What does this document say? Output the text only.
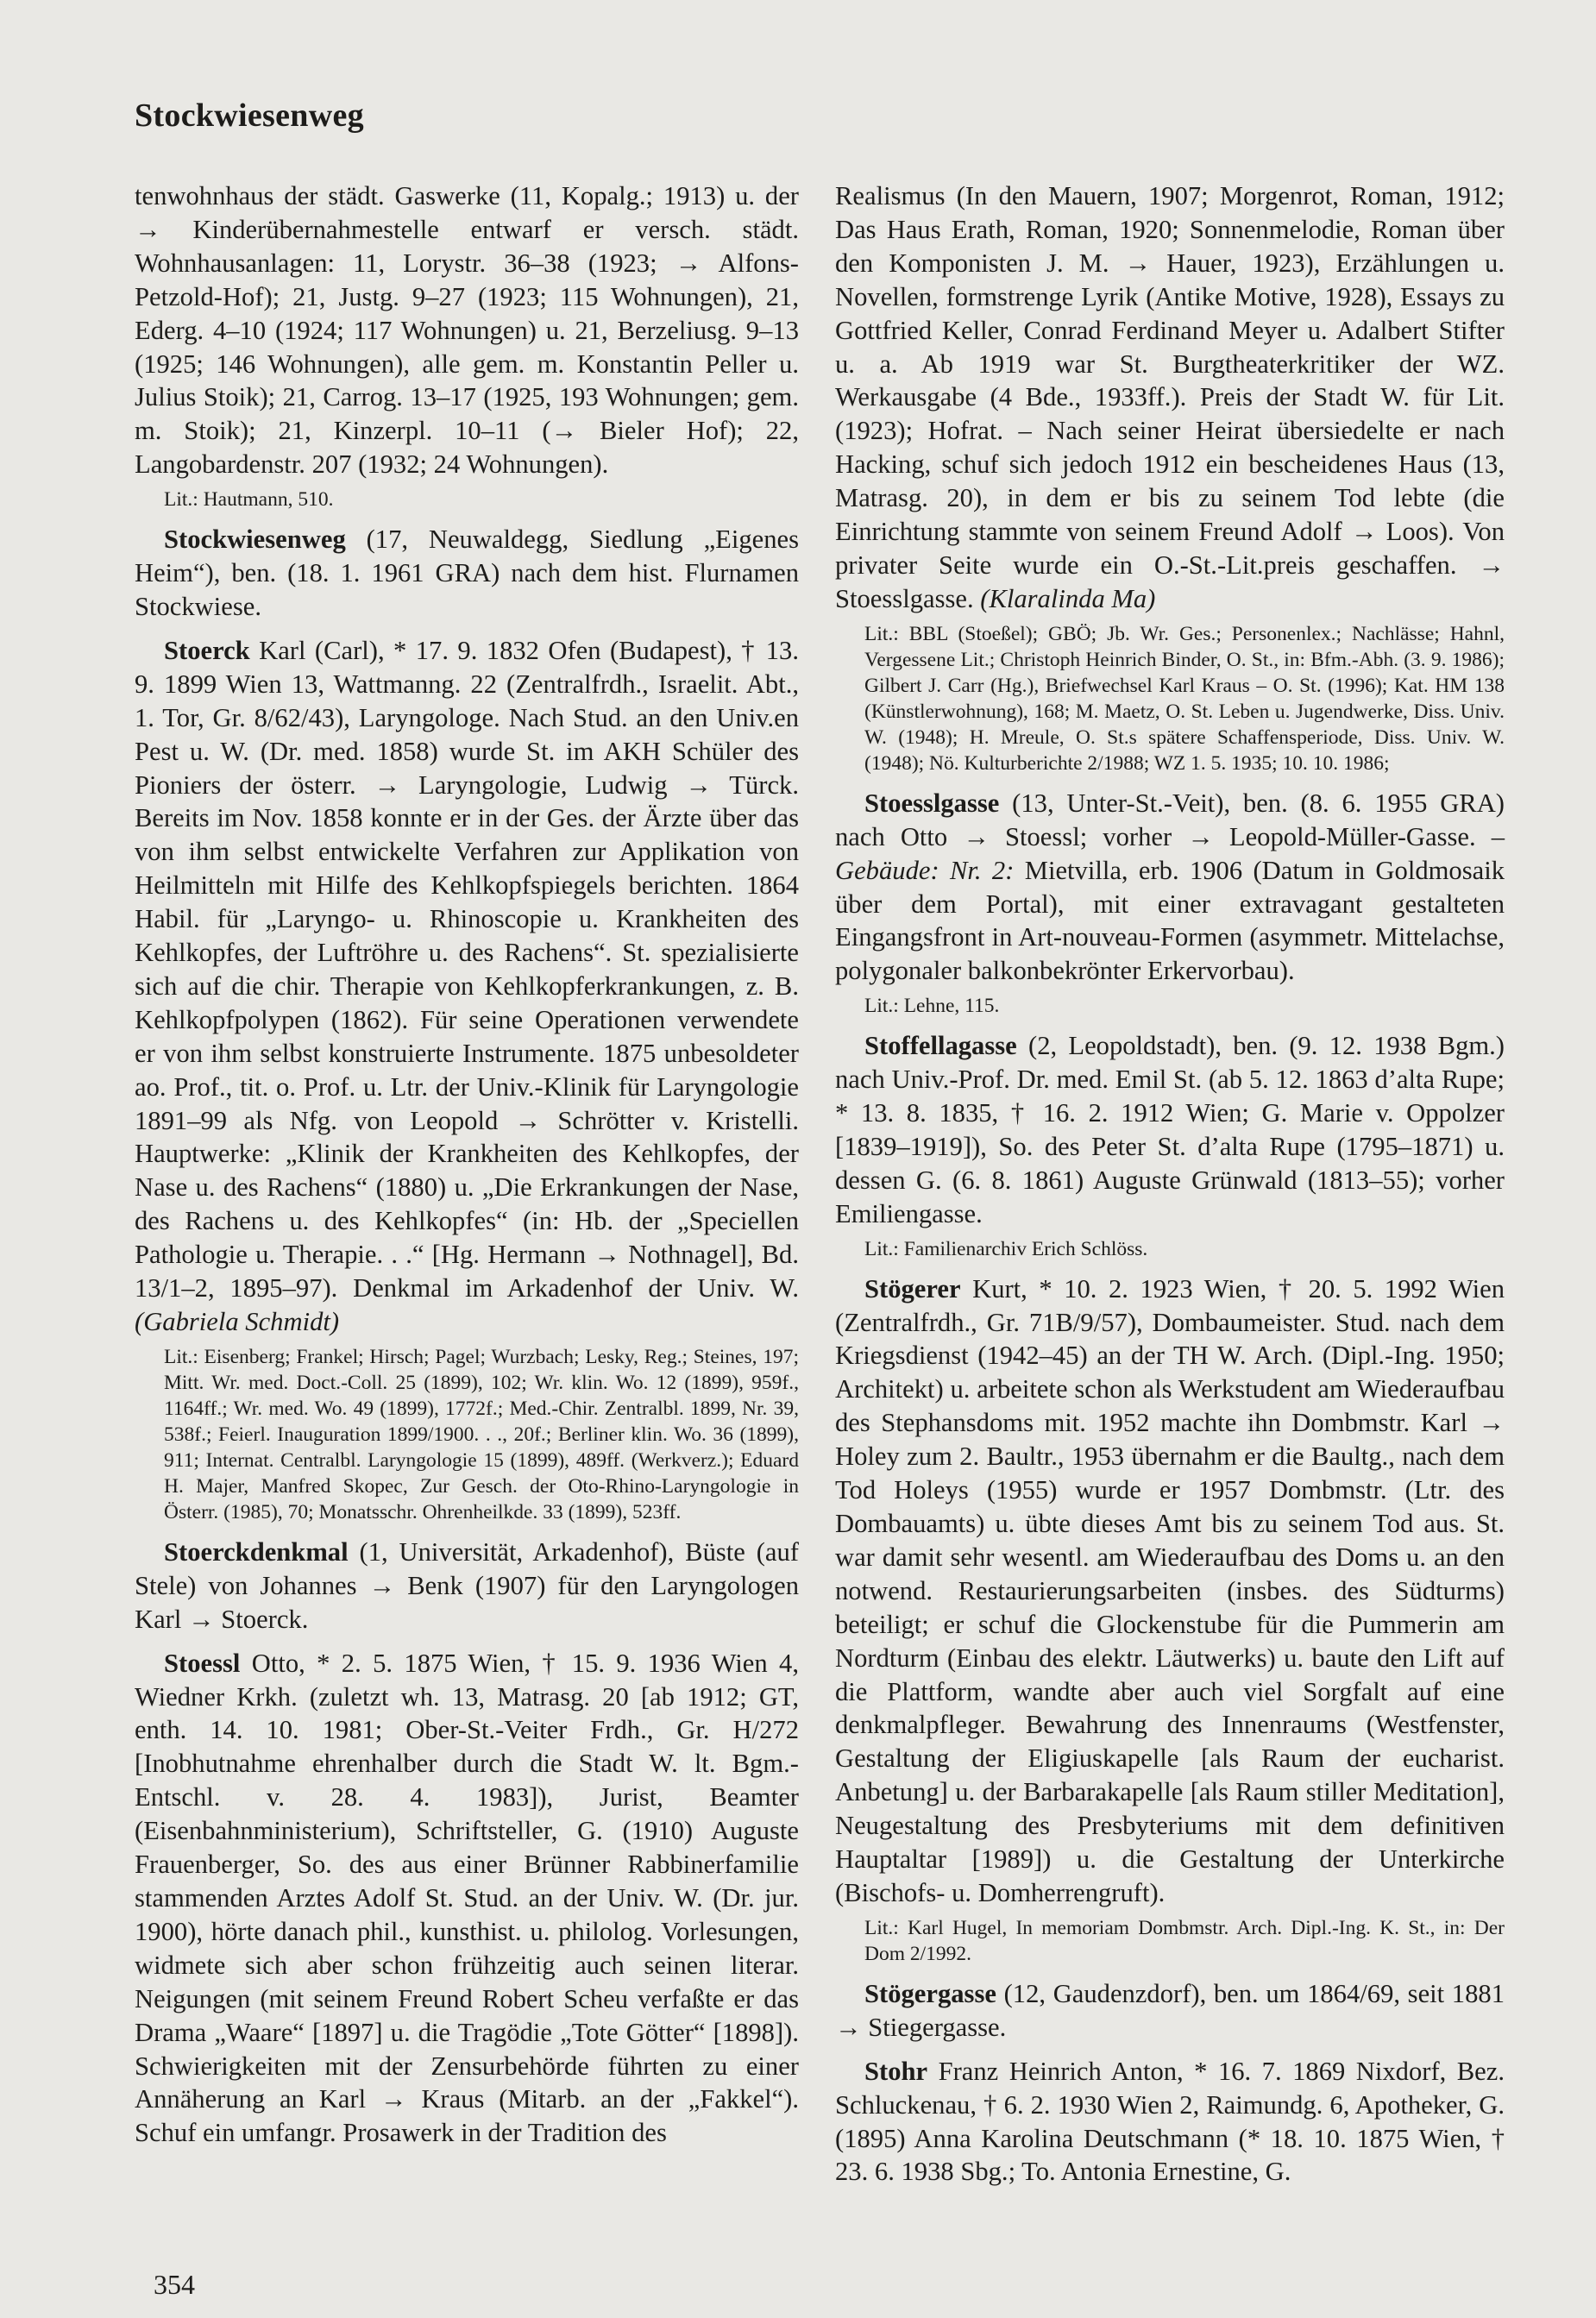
Stockwiesenweg

tenwohnhaus der städt. Gaswerke (11, Kopalg.; 1913) u. der → Kinderübernahmestelle entwarf er versch. städt. Wohnhausanlagen: 11, Lorystr. 36–38 (1923; → Alfons-Petzold-Hof); 21, Justg. 9–27 (1923; 115 Wohnungen), 21, Ederg. 4–10 (1924; 117 Wohnungen) u. 21, Berzeliusg. 9–13 (1925; 146 Wohnungen), alle gem. m. Konstantin Peller u. Julius Stoik); 21, Carrog. 13–17 (1925, 193 Wohnungen; gem. m. Stoik); 21, Kinzerpl. 10–11 (→ Bieler Hof); 22, Langobardenstr. 207 (1932; 24 Wohnungen).

Lit.: Hautmann, 510.

Stockwiesenweg (17, Neuwaldegg, Siedlung „Eigenes Heim“), ben. (18. 1. 1961 GRA) nach dem hist. Flurnamen Stockwiese.

Stoerck Karl (Carl), * 17. 9. 1832 Ofen (Budapest), † 13. 9. 1899 Wien 13, Wattmanng. 22 (Zentralfrdh., Israelit. Abt., 1. Tor, Gr. 8/62/43), Laryngologe. Nach Stud. an den Univ.en Pest u. W. (Dr. med. 1858) wurde St. im AKH Schüler des Pioniers der österr. → Laryngologie, Ludwig → Türck. Bereits im Nov. 1858 konnte er in der Ges. der Ärzte über das von ihm selbst entwickelte Verfahren zur Applikation von Heilmitteln mit Hilfe des Kehlkopfspiegels berichten. 1864 Habil. für „Laryngo- u. Rhinoscopie u. Krankheiten des Kehlkopfes, der Luftröhre u. des Rachens“. St. spezialisierte sich auf die chir. Therapie von Kehlkopferkrankungen, z. B. Kehlkopfpolypen (1862). Für seine Operationen verwendete er von ihm selbst konstruierte Instrumente. 1875 unbesoldeter ao. Prof., tit. o. Prof. u. Ltr. der Univ.-Klinik für Laryngologie 1891–99 als Nfg. von Leopold → Schrötter v. Kristelli. Hauptwerke: „Klinik der Krankheiten des Kehlkopfes, der Nase u. des Rachens“ (1880) u. „Die Erkrankungen der Nase, des Rachens u. des Kehlkopfes“ (in: Hb. der „Speciellen Pathologie u. Therapie. . .“ [Hg. Hermann → Nothnagel], Bd. 13/1–2, 1895–97). Denkmal im Arkadenhof der Univ. W. (Gabriela Schmidt)

Lit.: Eisenberg; Frankel; Hirsch; Pagel; Wurzbach; Lesky, Reg.; Steines, 197; Mitt. Wr. med. Doct.-Coll. 25 (1899), 102; Wr. klin. Wo. 12 (1899), 959f., 1164ff.; Wr. med. Wo. 49 (1899), 1772f.; Med.-Chir. Zentralbl. 1899, Nr. 39, 538f.; Feierl. Inauguration 1899/1900. . ., 20f.; Berliner klin. Wo. 36 (1899), 911; Internat. Centralbl. Laryngologie 15 (1899), 489ff. (Werkverz.); Eduard H. Majer, Manfred Skopec, Zur Gesch. der Oto-Rhino-Laryngologie in Österr. (1985), 70; Monatsschr. Ohrenheilkde. 33 (1899), 523ff.

Stoerckdenkmal (1, Universität, Arkadenhof), Büste (auf Stele) von Johannes → Benk (1907) für den Laryngologen Karl → Stoerck.

Stoessl Otto, * 2. 5. 1875 Wien, † 15. 9. 1936 Wien 4, Wiedner Krkh. (zuletzt wh. 13, Matrasg. 20 [ab 1912; GT, enth. 14. 10. 1981; Ober-St.-Veiter Frdh., Gr. H/272 [Inobhutnahme ehrenhalber durch die Stadt W. lt. Bgm.-Entschl. v. 28. 4. 1983]), Jurist, Beamter (Eisenbahnministerium), Schriftsteller, G. (1910) Auguste Frauenberger, So. des aus einer Brünner Rabbinerfamilie stammenden Arztes Adolf St. Stud. an der Univ. W. (Dr. jur. 1900), hörte danach phil., kunsthist. u. philolog. Vorlesungen, widmete sich aber schon frühzeitig auch seinen literar. Neigungen (mit seinem Freund Robert Scheu verfaßte er das Drama „Waare“ [1897] u. die Tragödie „Tote Götter“ [1898]). Schwierigkeiten mit der Zensurbehörde führten zu einer Annäherung an Karl → Kraus (Mitarb. an der „Fakkel“). Schuf ein umfangr. Prosawerk in der Tradition des

Realismus (In den Mauern, 1907; Morgenrot, Roman, 1912; Das Haus Erath, Roman, 1920; Sonnenmelodie, Roman über den Komponisten J. M. → Hauer, 1923), Erzählungen u. Novellen, formstrenge Lyrik (Antike Motive, 1928), Essays zu Gottfried Keller, Conrad Ferdinand Meyer u. Adalbert Stifter u. a. Ab 1919 war St. Burgtheaterkritiker der WZ. Werkausgabe (4 Bde., 1933ff.). Preis der Stadt W. für Lit. (1923); Hofrat. – Nach seiner Heirat übersiedelte er nach Hacking, schuf sich jedoch 1912 ein bescheidenes Haus (13, Matrasg. 20), in dem er bis zu seinem Tod lebte (die Einrichtung stammte von seinem Freund Adolf → Loos). Von privater Seite wurde ein O.-St.-Lit.preis geschaffen. → Stoesslgasse. (Klaralinda Ma)

Lit.: BBL (Stoeßel); GBÖ; Jb. Wr. Ges.; Personenlex.; Nachlässe; Hahnl, Vergessene Lit.; Christoph Heinrich Binder, O. St., in: Bfm.-Abh. (3. 9. 1986); Gilbert J. Carr (Hg.), Briefwechsel Karl Kraus – O. St. (1996); Kat. HM 138 (Künstlerwohnung), 168; M. Maetz, O. St. Leben u. Jugendwerke, Diss. Univ. W. (1948); H. Mreule, O. St.s spätere Schaffensperiode, Diss. Univ. W. (1948); Nö. Kulturberichte 2/1988; WZ 1. 5. 1935; 10. 10. 1986;

Stoesslgasse (13, Unter-St.-Veit), ben. (8. 6. 1955 GRA) nach Otto → Stoessl; vorher → Leopold-Müller-Gasse. – Gebäude: Nr. 2: Mietvilla, erb. 1906 (Datum in Goldmosaik über dem Portal), mit einer extravagant gestalteten Eingangsfront in Art-nouveau-Formen (asymmetr. Mittelachse, polygonaler balkonbekrönter Erkervorbau).

Lit.: Lehne, 115.

Stoffellagasse (2, Leopoldstadt), ben. (9. 12. 1938 Bgm.) nach Univ.-Prof. Dr. med. Emil St. (ab 5. 12. 1863 d’alta Rupe; * 13. 8. 1835, † 16. 2. 1912 Wien; G. Marie v. Oppolzer [1839–1919]), So. des Peter St. d’alta Rupe (1795–1871) u. dessen G. (6. 8. 1861) Auguste Grünwald (1813–55); vorher Emiliengasse.

Lit.: Familienarchiv Erich Schlöss.

Stögerer Kurt, * 10. 2. 1923 Wien, † 20. 5. 1992 Wien (Zentralfrdh., Gr. 71B/9/57), Dombaumeister. Stud. nach dem Kriegsdienst (1942–45) an der TH W. Arch. (Dipl.-Ing. 1950; Architekt) u. arbeitete schon als Werkstudent am Wiederaufbau des Stephansdoms mit. 1952 machte ihn Dombmstr. Karl → Holey zum 2. Baultr., 1953 übernahm er die Baultg., nach dem Tod Holeys (1955) wurde er 1957 Dombmstr. (Ltr. des Dombauamts) u. übte dieses Amt bis zu seinem Tod aus. St. war damit sehr wesentl. am Wiederaufbau des Doms u. an den notwend. Restaurierungsarbeiten (insbes. des Südturms) beteiligt; er schuf die Glockenstube für die Pummerin am Nordturm (Einbau des elektr. Läutwerks) u. baute den Lift auf die Plattform, wandte aber auch viel Sorgfalt auf eine denkmalpfleger. Bewahrung des Innenraums (Westfenster, Gestaltung der Eligiuskapelle [als Raum der eucharist. Anbetung] u. der Barbarakapelle [als Raum stiller Meditation], Neugestaltung des Presbyteriums mit dem definitiven Hauptaltar [1989]) u. die Gestaltung der Unterkirche (Bischofs- u. Domherrengruft).

Lit.: Karl Hugel, In memoriam Dombmstr. Arch. Dipl.-Ing. K. St., in: Der Dom 2/1992.

Stögergasse (12, Gaudenzdorf), ben. um 1864/69, seit 1881 → Stiegergasse.

Stohr Franz Heinrich Anton, * 16. 7. 1869 Nixdorf, Bez. Schluckenau, † 6. 2. 1930 Wien 2, Raimundg. 6, Apotheker, G. (1895) Anna Karolina Deutschmann (* 18. 10. 1875 Wien, † 23. 6. 1938 Sbg.; To. Antonia Ernestine, G.

354
